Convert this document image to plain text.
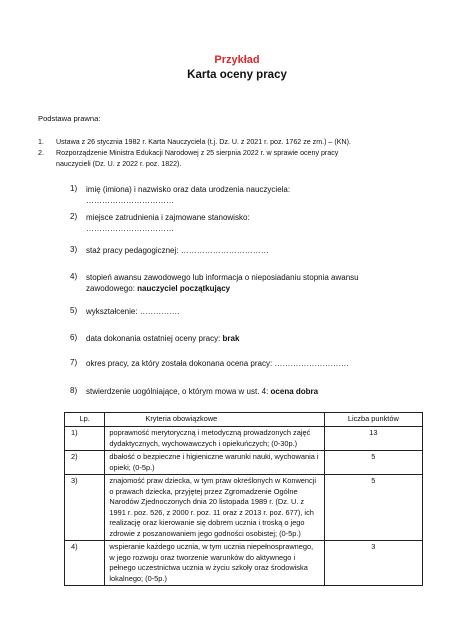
Przykład
Karta oceny pracy
Podstawa prawna:
1. Ustawa z 26 stycznia 1982 r. Karta Nauczyciela (t.j. Dz. U. z 2021 r. poz. 1762 ze zm.) – (KN).
2. Rozporządzenie Ministra Edukacji Narodowej z 25 sierpnia 2022 r. w sprawie oceny pracy
nauczycieli (Dz. U. z 2022 r. poz. 1822).
1) imię (imiona) i nazwisko oraz data urodzenia nauczyciela:
……………………………
2) miejsce zatrudnienia i zajmowane stanowisko:
……………………………
3) staż pracy pedagogicznej: ……………………………
4) stopień awansu zawodowego lub informacja o nieposiadaniu stopnia awansu
zawodowego: nauczyciel początkujący
5) wykształcenie: ……………
6) data dokonania ostatniej oceny pracy: brak
7) okres pracy, za który została dokonana ocena pracy: ……………………….
8) stwierdzenie uogólniające, o którym mowa w ust. 4: ocena dobra
Lp.	Kryteria obowiązkowe	Liczba punktów
1)	poprawność merytoryczną i metodyczną prowadzonych zajęć dydaktycznych, wychowawczych i opiekuńczych; (0-30p.)	13
2)	dbałość o bezpieczne i higieniczne warunki nauki, wychowania i opieki; (0-5p.)	5
3)	znajomość praw dziecka, w tym praw określonych w Konwencji o prawach dziecka, przyjętej przez Zgromadzenie Ogólne Narodów Zjednoczonych dnia 20 listopada 1989 r. (Dz. U. z 1991 r. poz. 526, z 2000 r. poz. 11 oraz z 2013 r. poz. 677), ich realizację oraz kierowanie się dobrem ucznia i troską o jego zdrowie z poszanowaniem jego godności osobistej; (0-5p.)	5
4)	wspieranie każdego ucznia, w tym ucznia niepełnosprawnego, w jego rozwoju oraz tworzenie warunków do aktywnego i pełnego uczestnictwa ucznia w życiu szkoły oraz środowiska lokalnego; (0-5p.)	3
